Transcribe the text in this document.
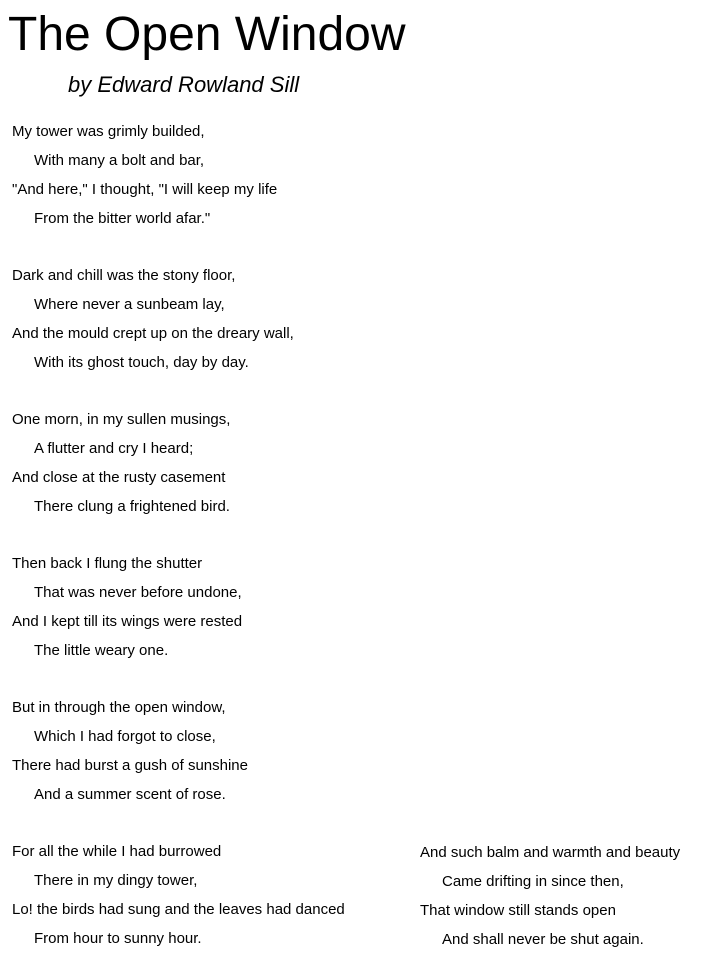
The Open Window
by Edward Rowland Sill
My tower was grimly builded,
With many a bolt and bar,
"And here," I thought, "I will keep my life
From the bitter world afar."
Dark and chill was the stony floor,
Where never a sunbeam lay,
And the mould crept up on the dreary wall,
With its ghost touch, day by day.
One morn, in my sullen musings,
A flutter and cry I heard;
And close at the rusty casement
There clung a frightened bird.
Then back I flung the shutter
That was never before undone,
And I kept till its wings were rested
The little weary one.
But in through the open window,
Which I had forgot to close,
There had burst a gush of sunshine
And a summer scent of rose.
For all the while I had burrowed
There in my dingy tower,
Lo! the birds had sung and the leaves had danced
From hour to sunny hour.
And such balm and warmth and beauty
Came drifting in since then,
That window still stands open
And shall never be shut again.
